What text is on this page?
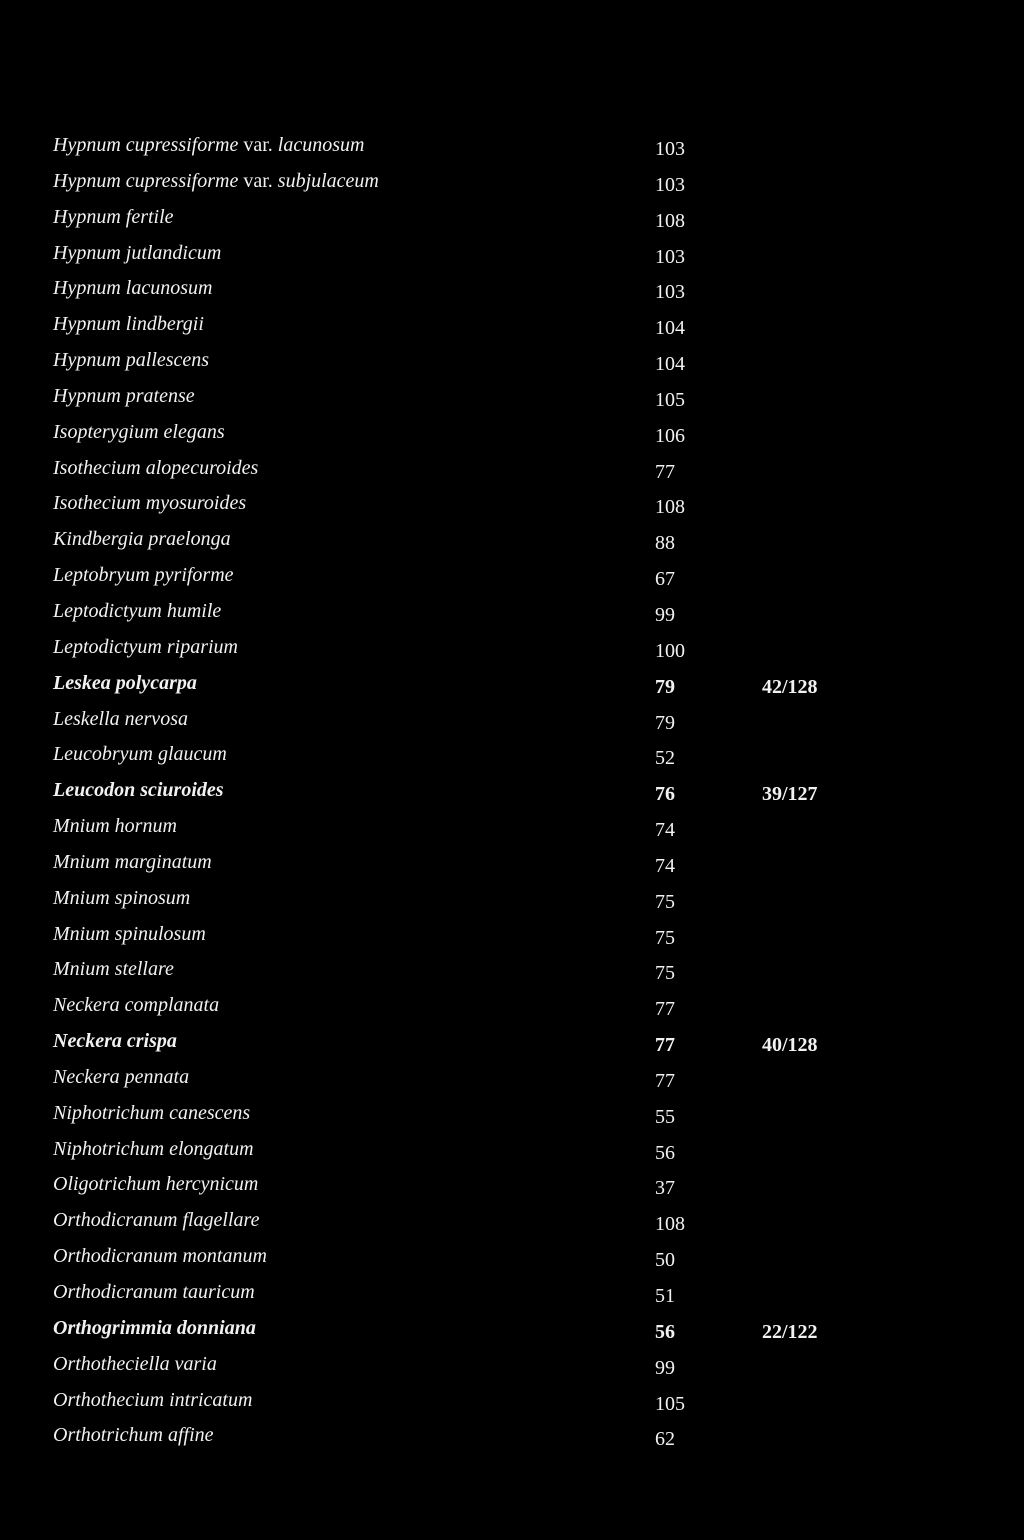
Hypnum cupressiforme var. lacunosum	103
Hypnum cupressiforme var. subjulaceum	103
Hypnum fertile	108
Hypnum jutlandicum	103
Hypnum lacunosum	103
Hypnum lindbergii	104
Hypnum pallescens	104
Hypnum pratense	105
Isopterygium elegans	106
Isothecium alopecuroides	77
Isothecium myosuroides	108
Kindbergia praelonga	88
Leptobryum pyriforme	67
Leptodictyum humile	99
Leptodictyum riparium	100
Leskea polycarpa	79	42/128
Leskella nervosa	79
Leucobryum glaucum	52
Leucodon sciuroides	76	39/127
Mnium hornum	74
Mnium marginatum	74
Mnium spinosum	75
Mnium spinulosum	75
Mnium stellare	75
Neckera complanata	77
Neckera crispa	77	40/128
Neckera pennata	77
Niphotrichum canescens	55
Niphotrichum elongatum	56
Oligotrichum hercynicum	37
Orthodicranum flagellare	108
Orthodicranum montanum	50
Orthodicranum tauricum	51
Orthogrimmia donniana	56	22/122
Orthotheciella varia	99
Orthothecium intricatum	105
Orthotrichum affine	62
